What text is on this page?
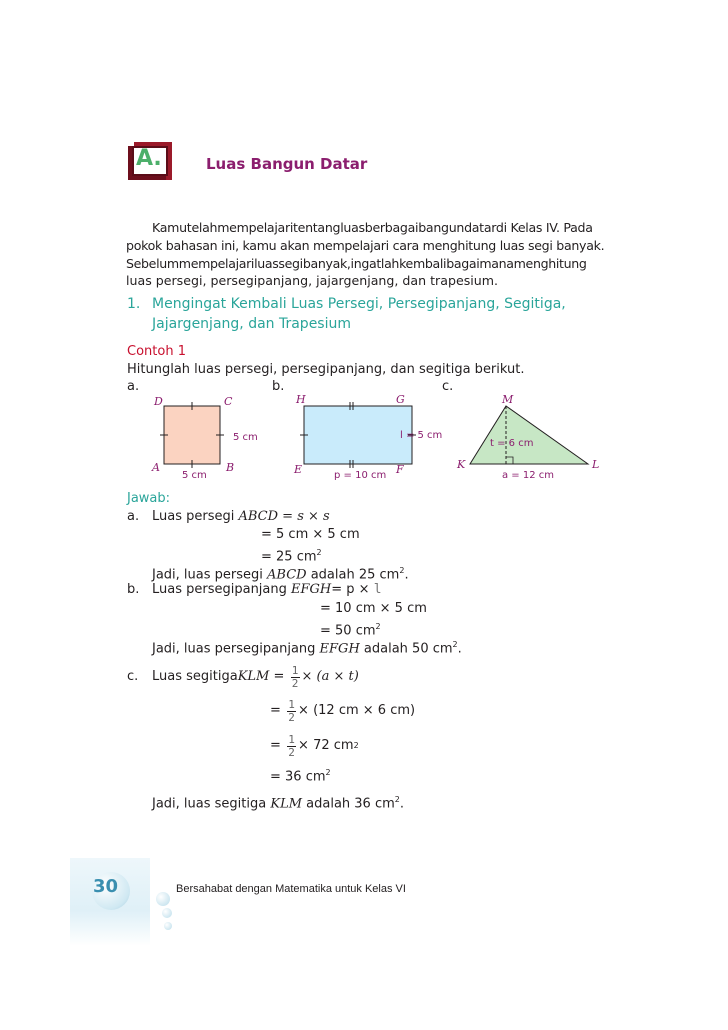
A.	Luas Bangun Datar
Kamutelahmempelajaritentangluasberbagaibangundatardi Kelas IV. Pada
pokok bahasan ini, kamu akan mempelajari cara menghitung luas segi banyak.
Sebelummempelajariluassegibanyak,ingatlahkembalibagaimanamenghitung
luas persegi, persegipanjang, jajargenjang, dan trapesium.
1. Mengingat Kembali Luas Persegi, Persegipanjang, Segitiga,
Jajargenjang, dan Trapesium
Contoh 1
Hitunglah luas persegi, persegipanjang, dan segitiga berikut.
a.	b.	c.
D	C
A	B
5 cm
5 cm
H	G
E	F
p = 10 cm
l = 5 cm
M
K	L
t = 6 cm
a = 12 cm
Jawab:
a. Luas persegi ABCD = s × s
= 5 cm × 5 cm
= 25 $cm^2$
Jadi, luas persegi ABCD adalah 25 $cm^2$.
b. Luas persegipanjang EFGH= p × l
= 10 cm × 5 cm
= 50 $cm^2$
Jadi, luas persegipanjang EFGH adalah 50 $cm^2$.
c. Luas segitiga KLM
=
$\frac{1}{2} \times (a \times t)$
=
$\frac{1}{2} \times (12$ cm × 6 cm)
=
$\frac{1}{2} \times 72$ cm 2
= 36 $cm^2$
Jadi, luas segitiga KLM adalah 36 $cm^2$.
30	Bersahabat dengan Matematika untuk Kelas VI
